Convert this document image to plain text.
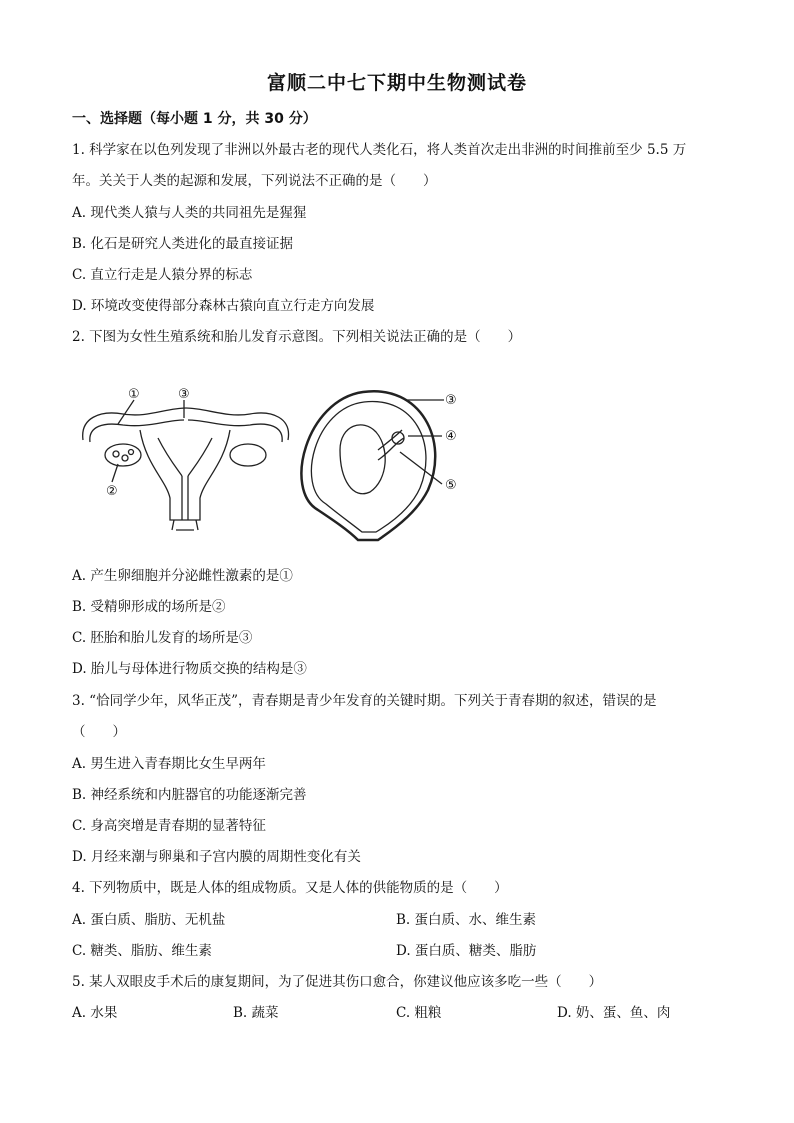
富顺二中七下期中生物测试卷
一、选择题（每小题 1 分，共 30 分）
1. 科学家在以色列发现了非洲以外最古老的现代人类化石，将人类首次走出非洲的时间推前至少 5.5 万
年。关关于人类的起源和发展，下列说法不正确的是（　　）
A. 现代类人猿与人类的共同祖先是猩猩
B. 化石是研究人类进化的最直接证据
C. 直立行走是人猿分界的标志
D. 环境改变使得部分森林古猿向直立行走方向发展
2. 下图为女性生殖系统和胎儿发育示意图。下列相关说法正确的是（　　）
①	③
②
③
④
⑤
A. 产生卵细胞并分泌雌性激素的是①
B. 受精卵形成的场所是②
C. 胚胎和胎儿发育的场所是③
D. 胎儿与母体进行物质交换的结构是③
3. “恰同学少年，风华正茂”，青春期是青少年发育的关键时期。下列关于青春期的叙述，错误的是
（　　）
A. 男生进入青春期比女生早两年
B. 神经系统和内脏器官的功能逐渐完善
C. 身高突增是青春期的显著特征
D. 月经来潮与卵巢和子宫内膜的周期性变化有关
4. 下列物质中，既是人体的组成物质。又是人体的供能物质的是（　　）
A. 蛋白质、脂肪、无机盐	B. 蛋白质、水、维生素
C. 糖类、脂肪、维生素	D. 蛋白质、糖类、脂肪
5. 某人双眼皮手术后的康复期间，为了促进其伤口愈合，你建议他应该多吃一些（　　）
A. 水果	B. 蔬菜	C. 粗粮	D. 奶、蛋、鱼、肉
